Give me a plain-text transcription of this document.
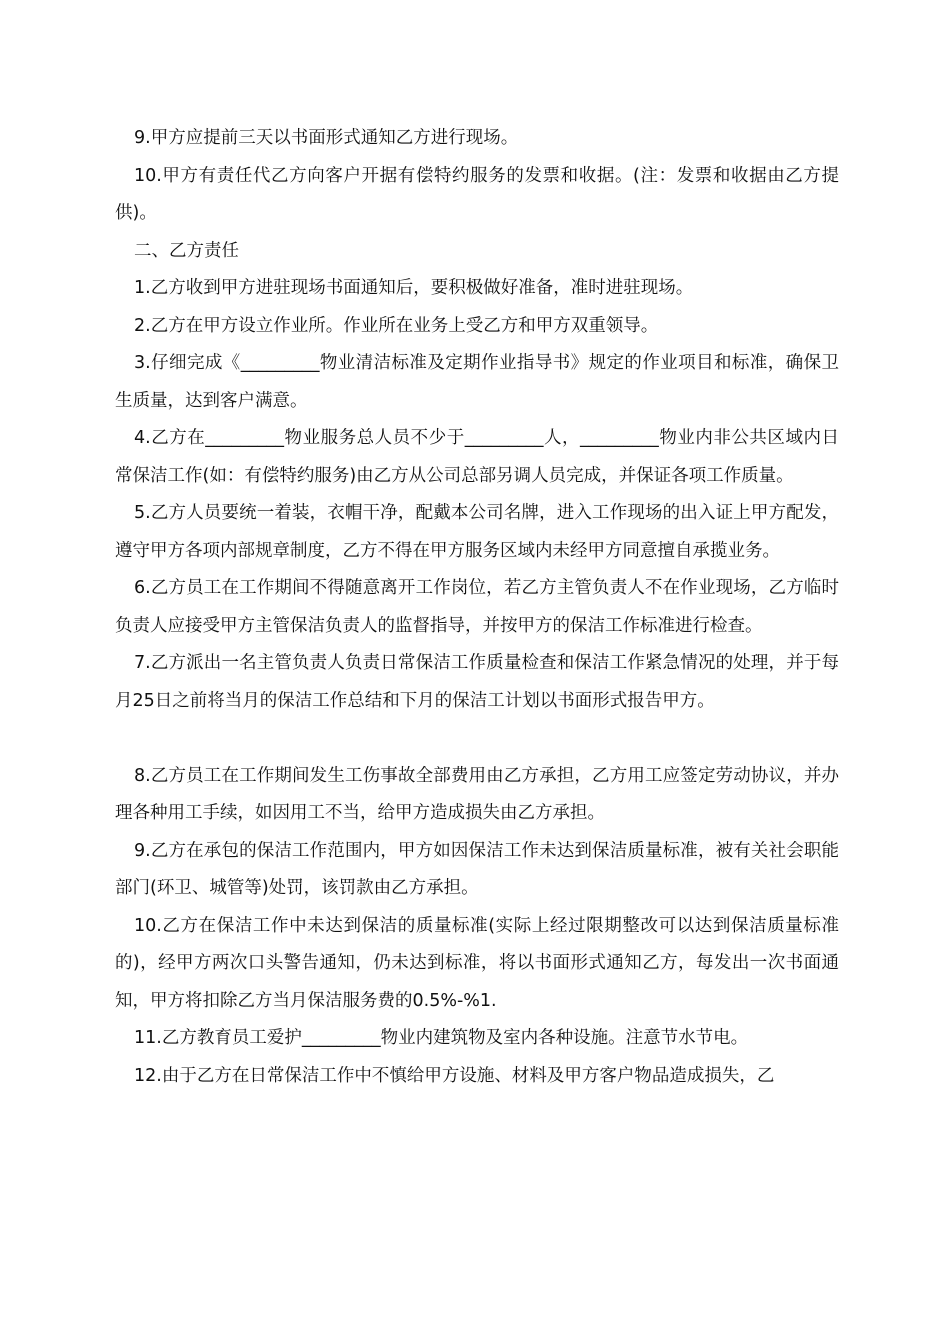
9.甲方应提前三天以书面形式通知乙方进行现场。

10.甲方有责任代乙方向客户开据有偿特约服务的发票和收据。(注：发票和收据由乙方提供)。

二、乙方责任

1.乙方收到甲方进驻现场书面通知后，要积极做好准备，准时进驻现场。

2.乙方在甲方设立作业所。作业所在业务上受乙方和甲方双重领导。

3.仔细完成《_________物业清洁标准及定期作业指导书》规定的作业项目和标准，确保卫生质量，达到客户满意。

4.乙方在_________物业服务总人员不少于_________人，_________物业内非公共区域内日常保洁工作(如：有偿特约服务)由乙方从公司总部另调人员完成，并保证各项工作质量。

5.乙方人员要统一着装，衣帽干净，配戴本公司名牌，进入工作现场的出入证上甲方配发，遵守甲方各项内部规章制度，乙方不得在甲方服务区域内未经甲方同意擅自承揽业务。

6.乙方员工在工作期间不得随意离开工作岗位，若乙方主管负责人不在作业现场，乙方临时负责人应接受甲方主管保洁负责人的监督指导，并按甲方的保洁工作标准进行检查。

7.乙方派出一名主管负责人负责日常保洁工作质量检查和保洁工作紧急情况的处理，并于每月25日之前将当月的保洁工作总结和下月的保洁工计划以书面形式报告甲方。

8.乙方员工在工作期间发生工伤事故全部费用由乙方承担，乙方用工应签定劳动协议，并办理各种用工手续，如因用工不当，给甲方造成损失由乙方承担。

9.乙方在承包的保洁工作范围内，甲方如因保洁工作未达到保洁质量标准，被有关社会职能部门(环卫、城管等)处罚，该罚款由乙方承担。

10.乙方在保洁工作中未达到保洁的质量标准(实际上经过限期整改可以达到保洁质量标准的)，经甲方两次口头警告通知，仍未达到标准，将以书面形式通知乙方，每发出一次书面通知，甲方将扣除乙方当月保洁服务费的0.5%-%1.

11.乙方教育员工爱护_________物业内建筑物及室内各种设施。注意节水节电。

12.由于乙方在日常保洁工作中不慎给甲方设施、材料及甲方客户物品造成损失，乙
